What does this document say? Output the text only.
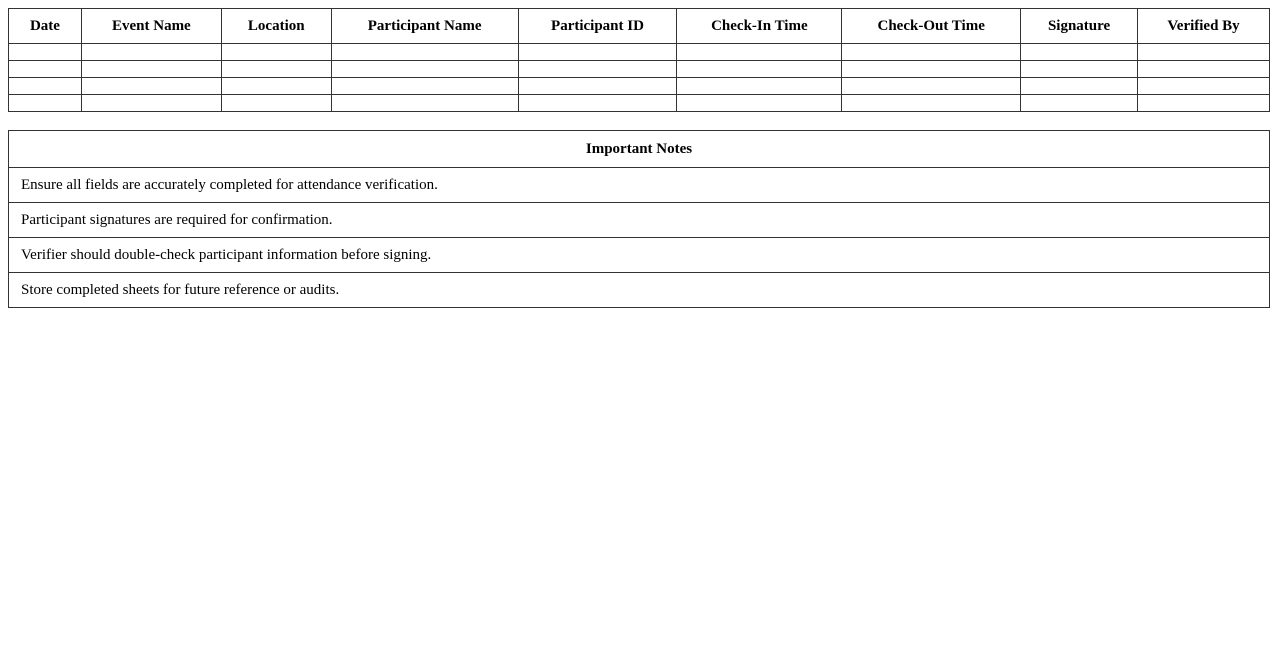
Date	Event Name	Location	Participant Name	Participant ID	Check-In Time	Check-Out Time	Signature	Verified By

Important Notes
Ensure all fields are accurately completed for attendance verification.
Participant signatures are required for confirmation.
Verifier should double-check participant information before signing.
Store completed sheets for future reference or audits.
